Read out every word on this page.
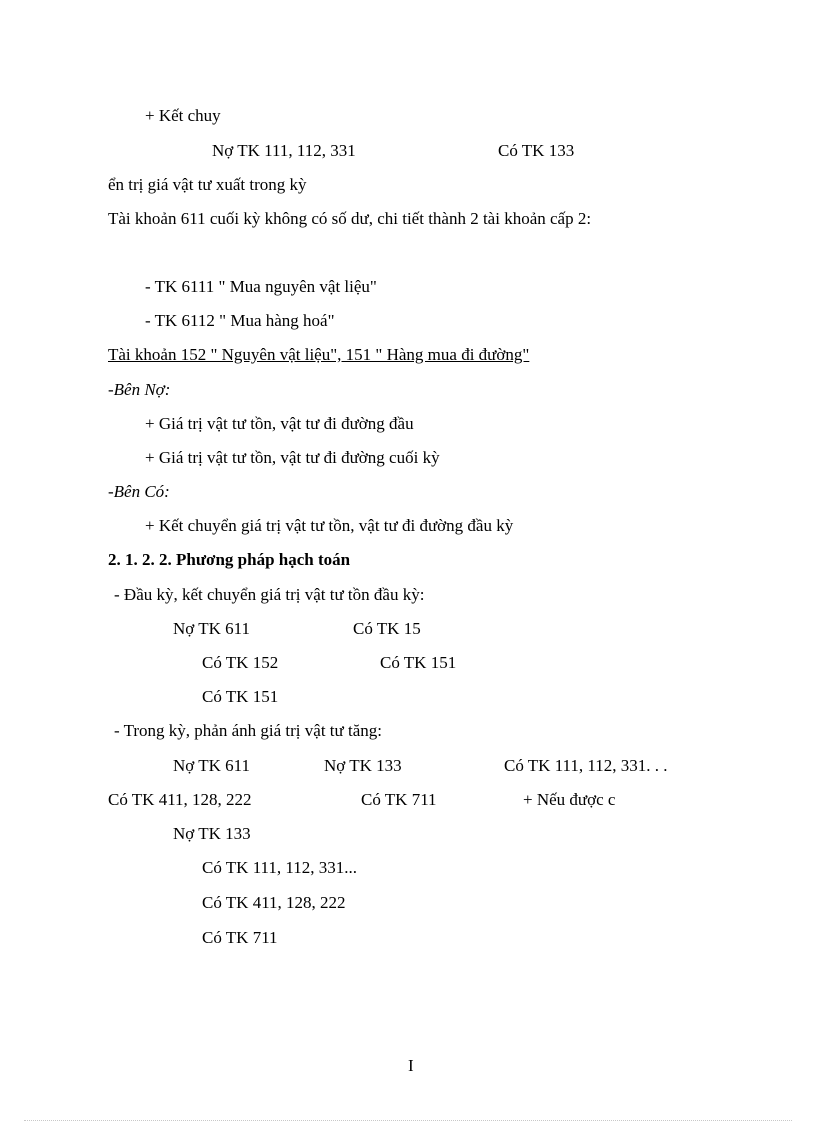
+ Kết chuy
Nợ TK 111, 112, 331	Có TK 133
ển trị giá vật tư xuất trong kỳ
Tài khoản 611 cuối kỳ không có số dư, chi tiết thành 2 tài khoản cấp 2:
- TK 6111 " Mua nguyên vật liệu"
- TK 6112 " Mua hàng hoá"
Tài khoản 152 " Nguyên vật liệu", 151 " Hàng mua đi đường"
-Bên Nợ:
+ Giá trị vật tư tồn, vật tư đi đường đầu
+ Giá trị vật tư tồn, vật tư đi đường cuối kỳ
-Bên Có:
+ Kết chuyển giá trị vật tư tồn, vật tư đi đường đầu kỳ
2. 1. 2. 2. Phương pháp hạch toán
- Đầu kỳ, kết chuyển giá trị vật tư tồn đầu kỳ:
Nợ TK 611	Có TK 15
Có TK 152	Có TK 151
Có TK 151
- Trong kỳ, phản ánh giá trị vật tư tăng:
Nợ TK 611	Nợ TK 133	Có TK 111, 112, 331. . .
Có TK 411, 128, 222	Có TK 711	+ Nếu được c
Nợ TK 133
Có TK 111, 112, 331...
Có TK 411, 128, 222
Có TK 711
I
